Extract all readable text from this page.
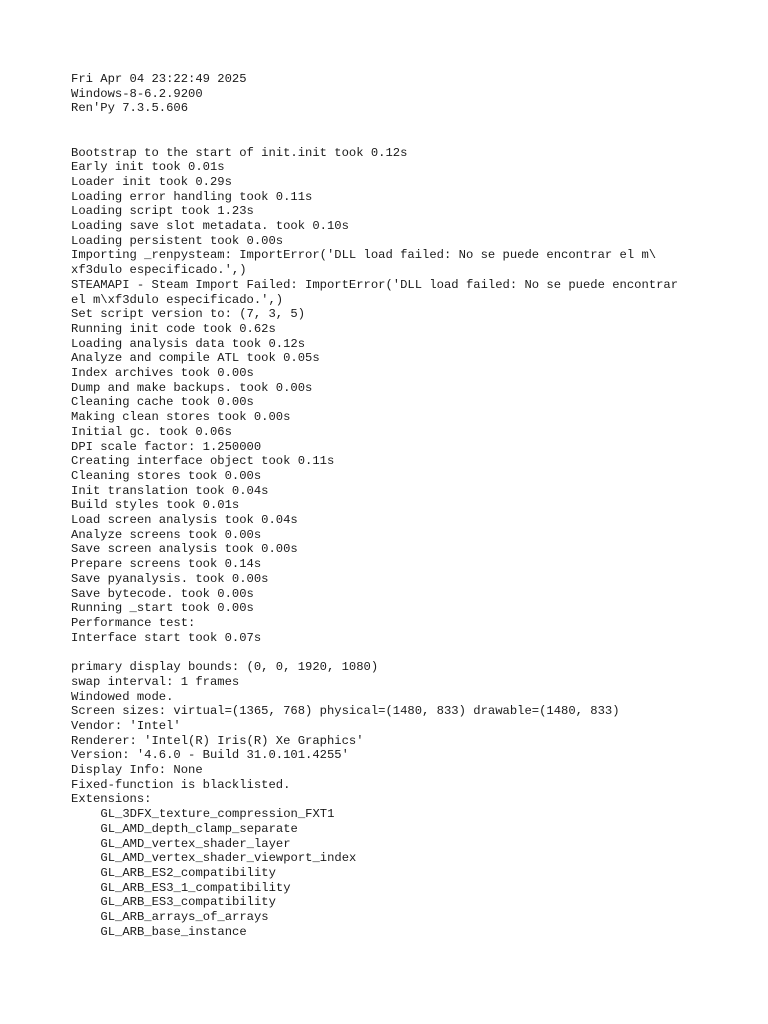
Fri Apr 04 23:22:49 2025
Windows-8-6.2.9200
Ren'Py 7.3.5.606
Bootstrap to the start of init.init took 0.12s
Early init took 0.01s
Loader init took 0.29s
Loading error handling took 0.11s
Loading script took 1.23s
Loading save slot metadata. took 0.10s
Loading persistent took 0.00s
Importing _renpysteam: ImportError('DLL load failed: No se puede encontrar el m\
xf3dulo especificado.',)
STEAMAPI - Steam Import Failed: ImportError('DLL load failed: No se puede encontrar
el m\xf3dulo especificado.',)
Set script version to: (7, 3, 5)
Running init code took 0.62s
Loading analysis data took 0.12s
Analyze and compile ATL took 0.05s
Index archives took 0.00s
Dump and make backups. took 0.00s
Cleaning cache took 0.00s
Making clean stores took 0.00s
Initial gc. took 0.06s
DPI scale factor: 1.250000
Creating interface object took 0.11s
Cleaning stores took 0.00s
Init translation took 0.04s
Build styles took 0.01s
Load screen analysis took 0.04s
Analyze screens took 0.00s
Save screen analysis took 0.00s
Prepare screens took 0.14s
Save pyanalysis. took 0.00s
Save bytecode. took 0.00s
Running _start took 0.00s
Performance test:
Interface start took 0.07s
primary display bounds: (0, 0, 1920, 1080)
swap interval: 1 frames
Windowed mode.
Screen sizes: virtual=(1365, 768) physical=(1480, 833) drawable=(1480, 833)
Vendor: 'Intel'
Renderer: 'Intel(R) Iris(R) Xe Graphics'
Version: '4.6.0 - Build 31.0.101.4255'
Display Info: None
Fixed-function is blacklisted.
Extensions:
GL_3DFX_texture_compression_FXT1
GL_AMD_depth_clamp_separate
GL_AMD_vertex_shader_layer
GL_AMD_vertex_shader_viewport_index
GL_ARB_ES2_compatibility
GL_ARB_ES3_1_compatibility
GL_ARB_ES3_compatibility
GL_ARB_arrays_of_arrays
GL_ARB_base_instance
